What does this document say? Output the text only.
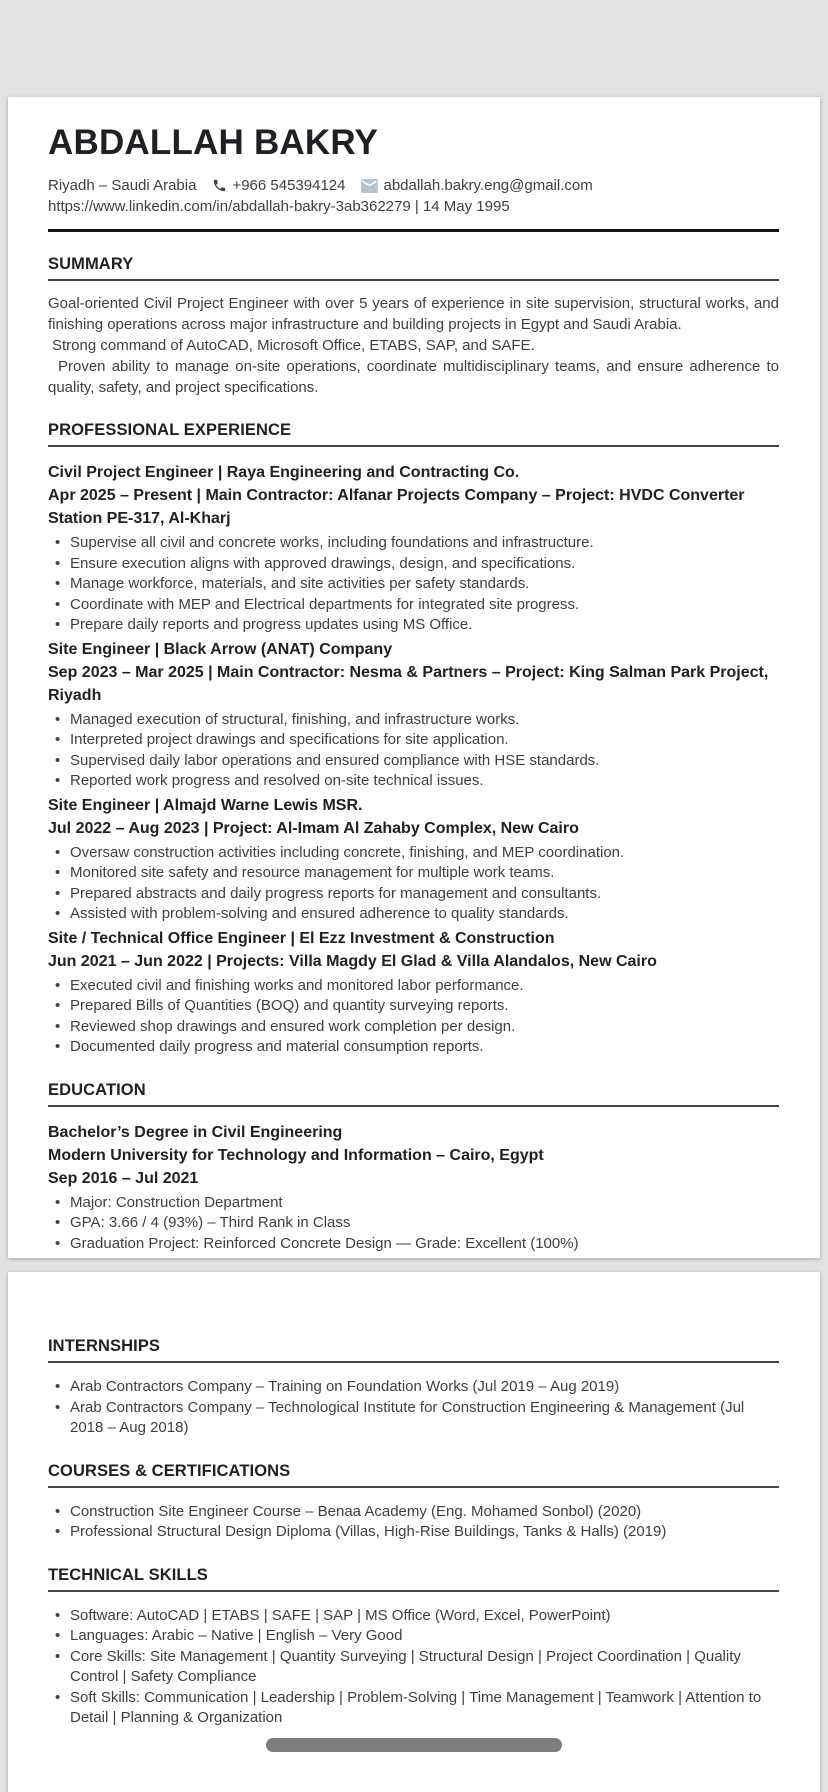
ABDALLAH BAKRY
Riyadh – Saudi Arabia +966 545394124	abdallah.bakry.eng@gmail.com
https://www.linkedin.com/in/abdallah-bakry-3ab362279 | 14 May 1995
SUMMARY

Goal-oriented Civil Project Engineer with over 5 years of experience in site supervision, structural works, and finishing operations across major infrastructure and building projects in Egypt and Saudi Arabia.

Strong command of AutoCAD, Microsoft Office, ETABS, SAP, and SAFE.

Proven ability to manage on-site operations, coordinate multidisciplinary teams, and ensure adherence to quality, safety, and project specifications.

PROFESSIONAL EXPERIENCE
Civil Project Engineer | Raya Engineering and Contracting Co.
Apr 2025 – Present | Main Contractor: Alfanar Projects Company – Project: HVDC Converter Station PE-317, Al-Kharj
• Supervise all civil and concrete works, including foundations and infrastructure.
• Ensure execution aligns with approved drawings, design, and specifications.
• Manage workforce, materials, and site activities per safety standards.
• Coordinate with MEP and Electrical departments for integrated site progress.
• Prepare daily reports and progress updates using MS Office.
Site Engineer | Black Arrow (ANAT) Company
Sep 2023 – Mar 2025 | Main Contractor: Nesma & Partners – Project: King Salman Park Project, Riyadh
• Managed execution of structural, finishing, and infrastructure works.
• Interpreted project drawings and specifications for site application.
• Supervised daily labor operations and ensured compliance with HSE standards.
• Reported work progress and resolved on-site technical issues.
Site Engineer | Almajd Warne Lewis MSR.
Jul 2022 – Aug 2023 | Project: Al-Imam Al Zahaby Complex, New Cairo
• Oversaw construction activities including concrete, finishing, and MEP coordination.
• Monitored site safety and resource management for multiple work teams.
• Prepared abstracts and daily progress reports for management and consultants.
• Assisted with problem-solving and ensured adherence to quality standards.
Site / Technical Office Engineer | El Ezz Investment & Construction
Jun 2021 – Jun 2022 | Projects: Villa Magdy El Glad & Villa Alandalos, New Cairo
• Executed civil and finishing works and monitored labor performance.
• Prepared Bills of Quantities (BOQ) and quantity surveying reports.
• Reviewed shop drawings and ensured work completion per design.
• Documented daily progress and material consumption reports.
EDUCATION
Bachelor’s Degree in Civil Engineering
Modern University for Technology and Information – Cairo, Egypt
Sep 2016 – Jul 2021
• Major: Construction Department
• GPA: 3.66 / 4 (93%) – Third Rank in Class
• Graduation Project: Reinforced Concrete Design — Grade: Excellent (100%)
INTERNSHIPS
• Arab Contractors Company – Training on Foundation Works (Jul 2019 – Aug 2019)
• Arab Contractors Company – Technological Institute for Construction Engineering & Management (Jul 2018 – Aug 2018)
COURSES & CERTIFICATIONS
• Construction Site Engineer Course – Benaa Academy (Eng. Mohamed Sonbol) (2020)
• Professional Structural Design Diploma (Villas, High-Rise Buildings, Tanks & Halls) (2019)
TECHNICAL SKILLS
• Software: AutoCAD | ETABS | SAFE | SAP | MS Office (Word, Excel, PowerPoint)
• Languages: Arabic – Native | English – Very Good
• Core Skills: Site Management | Quantity Surveying | Structural Design | Project Coordination | Quality Control | Safety Compliance
• Soft Skills: Communication | Leadership | Problem-Solving | Time Management | Teamwork | Attention to Detail | Planning & Organization
